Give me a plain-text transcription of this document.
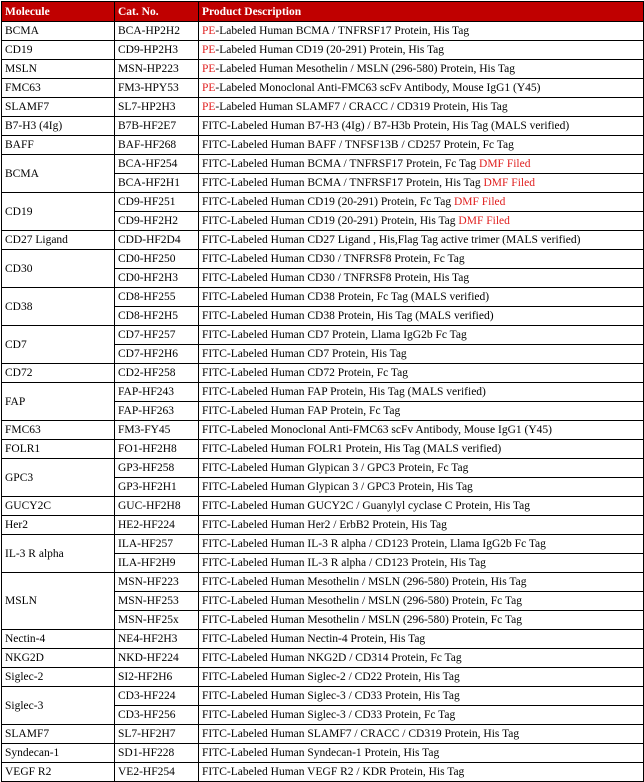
Molecule	Cat. No.	Product Description
BCMA	BCA-HP2H2	PE-Labeled Human BCMA / TNFRSF17 Protein, His Tag
CD19	CD9-HP2H3	PE-Labeled Human CD19 (20-291) Protein, His Tag
MSLN	MSN-HP223	PE-Labeled Human Mesothelin / MSLN (296-580) Protein, His Tag
FMC63	FM3-HPY53	PE-Labeled Monoclonal Anti-FMC63 scFv Antibody, Mouse IgG1 (Y45)
SLAMF7	SL7-HP2H3	PE-Labeled Human SLAMF7 / CRACC / CD319 Protein, His Tag
B7-H3 (4Ig)	B7B-HF2E7	FITC-Labeled Human B7-H3 (4Ig) / B7-H3b Protein, His Tag (MALS verified)
BAFF	BAF-HF268	FITC-Labeled Human BAFF / TNFSF13B / CD257 Protein, Fc Tag
BCMA	BCA-HF254	FITC-Labeled Human BCMA / TNFRSF17 Protein, Fc Tag DMF Filed
	BCA-HF2H1	FITC-Labeled Human BCMA / TNFRSF17 Protein, His Tag DMF Filed
CD19	CD9-HF251	FITC-Labeled Human CD19 (20-291) Protein, Fc Tag DMF Filed
	CD9-HF2H2	FITC-Labeled Human CD19 (20-291) Protein, His Tag DMF Filed
CD27 Ligand	CDD-HF2D4	FITC-Labeled Human CD27 Ligand , His,Flag Tag active trimer (MALS verified)
CD30	CD0-HF250	FITC-Labeled Human CD30 / TNFRSF8 Protein, Fc Tag
	CD0-HF2H3	FITC-Labeled Human CD30 / TNFRSF8 Protein, His Tag
CD38	CD8-HF255	FITC-Labeled Human CD38 Protein, Fc Tag (MALS verified)
	CD8-HF2H5	FITC-Labeled Human CD38 Protein, His Tag (MALS verified)
CD7	CD7-HF257	FITC-Labeled Human CD7 Protein, Llama IgG2b Fc Tag
	CD7-HF2H6	FITC-Labeled Human CD7 Protein, His Tag
CD72	CD2-HF258	FITC-Labeled Human CD72 Protein, Fc Tag
FAP	FAP-HF243	FITC-Labeled Human FAP Protein, His Tag (MALS verified)
	FAP-HF263	FITC-Labeled Human FAP Protein, Fc Tag
FMC63	FM3-FY45	FITC-Labeled Monoclonal Anti-FMC63 scFv Antibody, Mouse IgG1 (Y45)
FOLR1	FO1-HF2H8	FITC-Labeled Human FOLR1 Protein, His Tag (MALS verified)
GPC3	GP3-HF258	FITC-Labeled Human Glypican 3 / GPC3 Protein, Fc Tag
	GP3-HF2H1	FITC-Labeled Human Glypican 3 / GPC3 Protein, His Tag
GUCY2C	GUC-HF2H8	FITC-Labeled Human GUCY2C / Guanylyl cyclase C Protein, His Tag
Her2	HE2-HF224	FITC-Labeled Human Her2 / ErbB2 Protein, His Tag
IL-3 R alpha	ILA-HF257	FITC-Labeled Human IL-3 R alpha / CD123 Protein, Llama IgG2b Fc Tag
	ILA-HF2H9	FITC-Labeled Human IL-3 R alpha / CD123 Protein, His Tag
MSLN	MSN-HF223	FITC-Labeled Human Mesothelin / MSLN (296-580) Protein, His Tag
	MSN-HF253	FITC-Labeled Human Mesothelin / MSLN (296-580) Protein, Fc Tag
	MSN-HF25x	FITC-Labeled Human Mesothelin / MSLN (296-580) Protein, Fc Tag
Nectin-4	NE4-HF2H3	FITC-Labeled Human Nectin-4 Protein, His Tag
NKG2D	NKD-HF224	FITC-Labeled Human NKG2D / CD314 Protein, Fc Tag
Siglec-2	SI2-HF2H6	FITC-Labeled Human Siglec-2 / CD22 Protein, His Tag
Siglec-3	CD3-HF224	FITC-Labeled Human Siglec-3 / CD33 Protein, His Tag
	CD3-HF256	FITC-Labeled Human Siglec-3 / CD33 Protein, Fc Tag
SLAMF7	SL7-HF2H7	FITC-Labeled Human SLAMF7 / CRACC / CD319 Protein, His Tag
Syndecan-1	SD1-HF228	FITC-Labeled Human Syndecan-1 Protein, His Tag
VEGF R2	VE2-HF254	FITC-Labeled Human VEGF R2 / KDR Protein, His Tag
